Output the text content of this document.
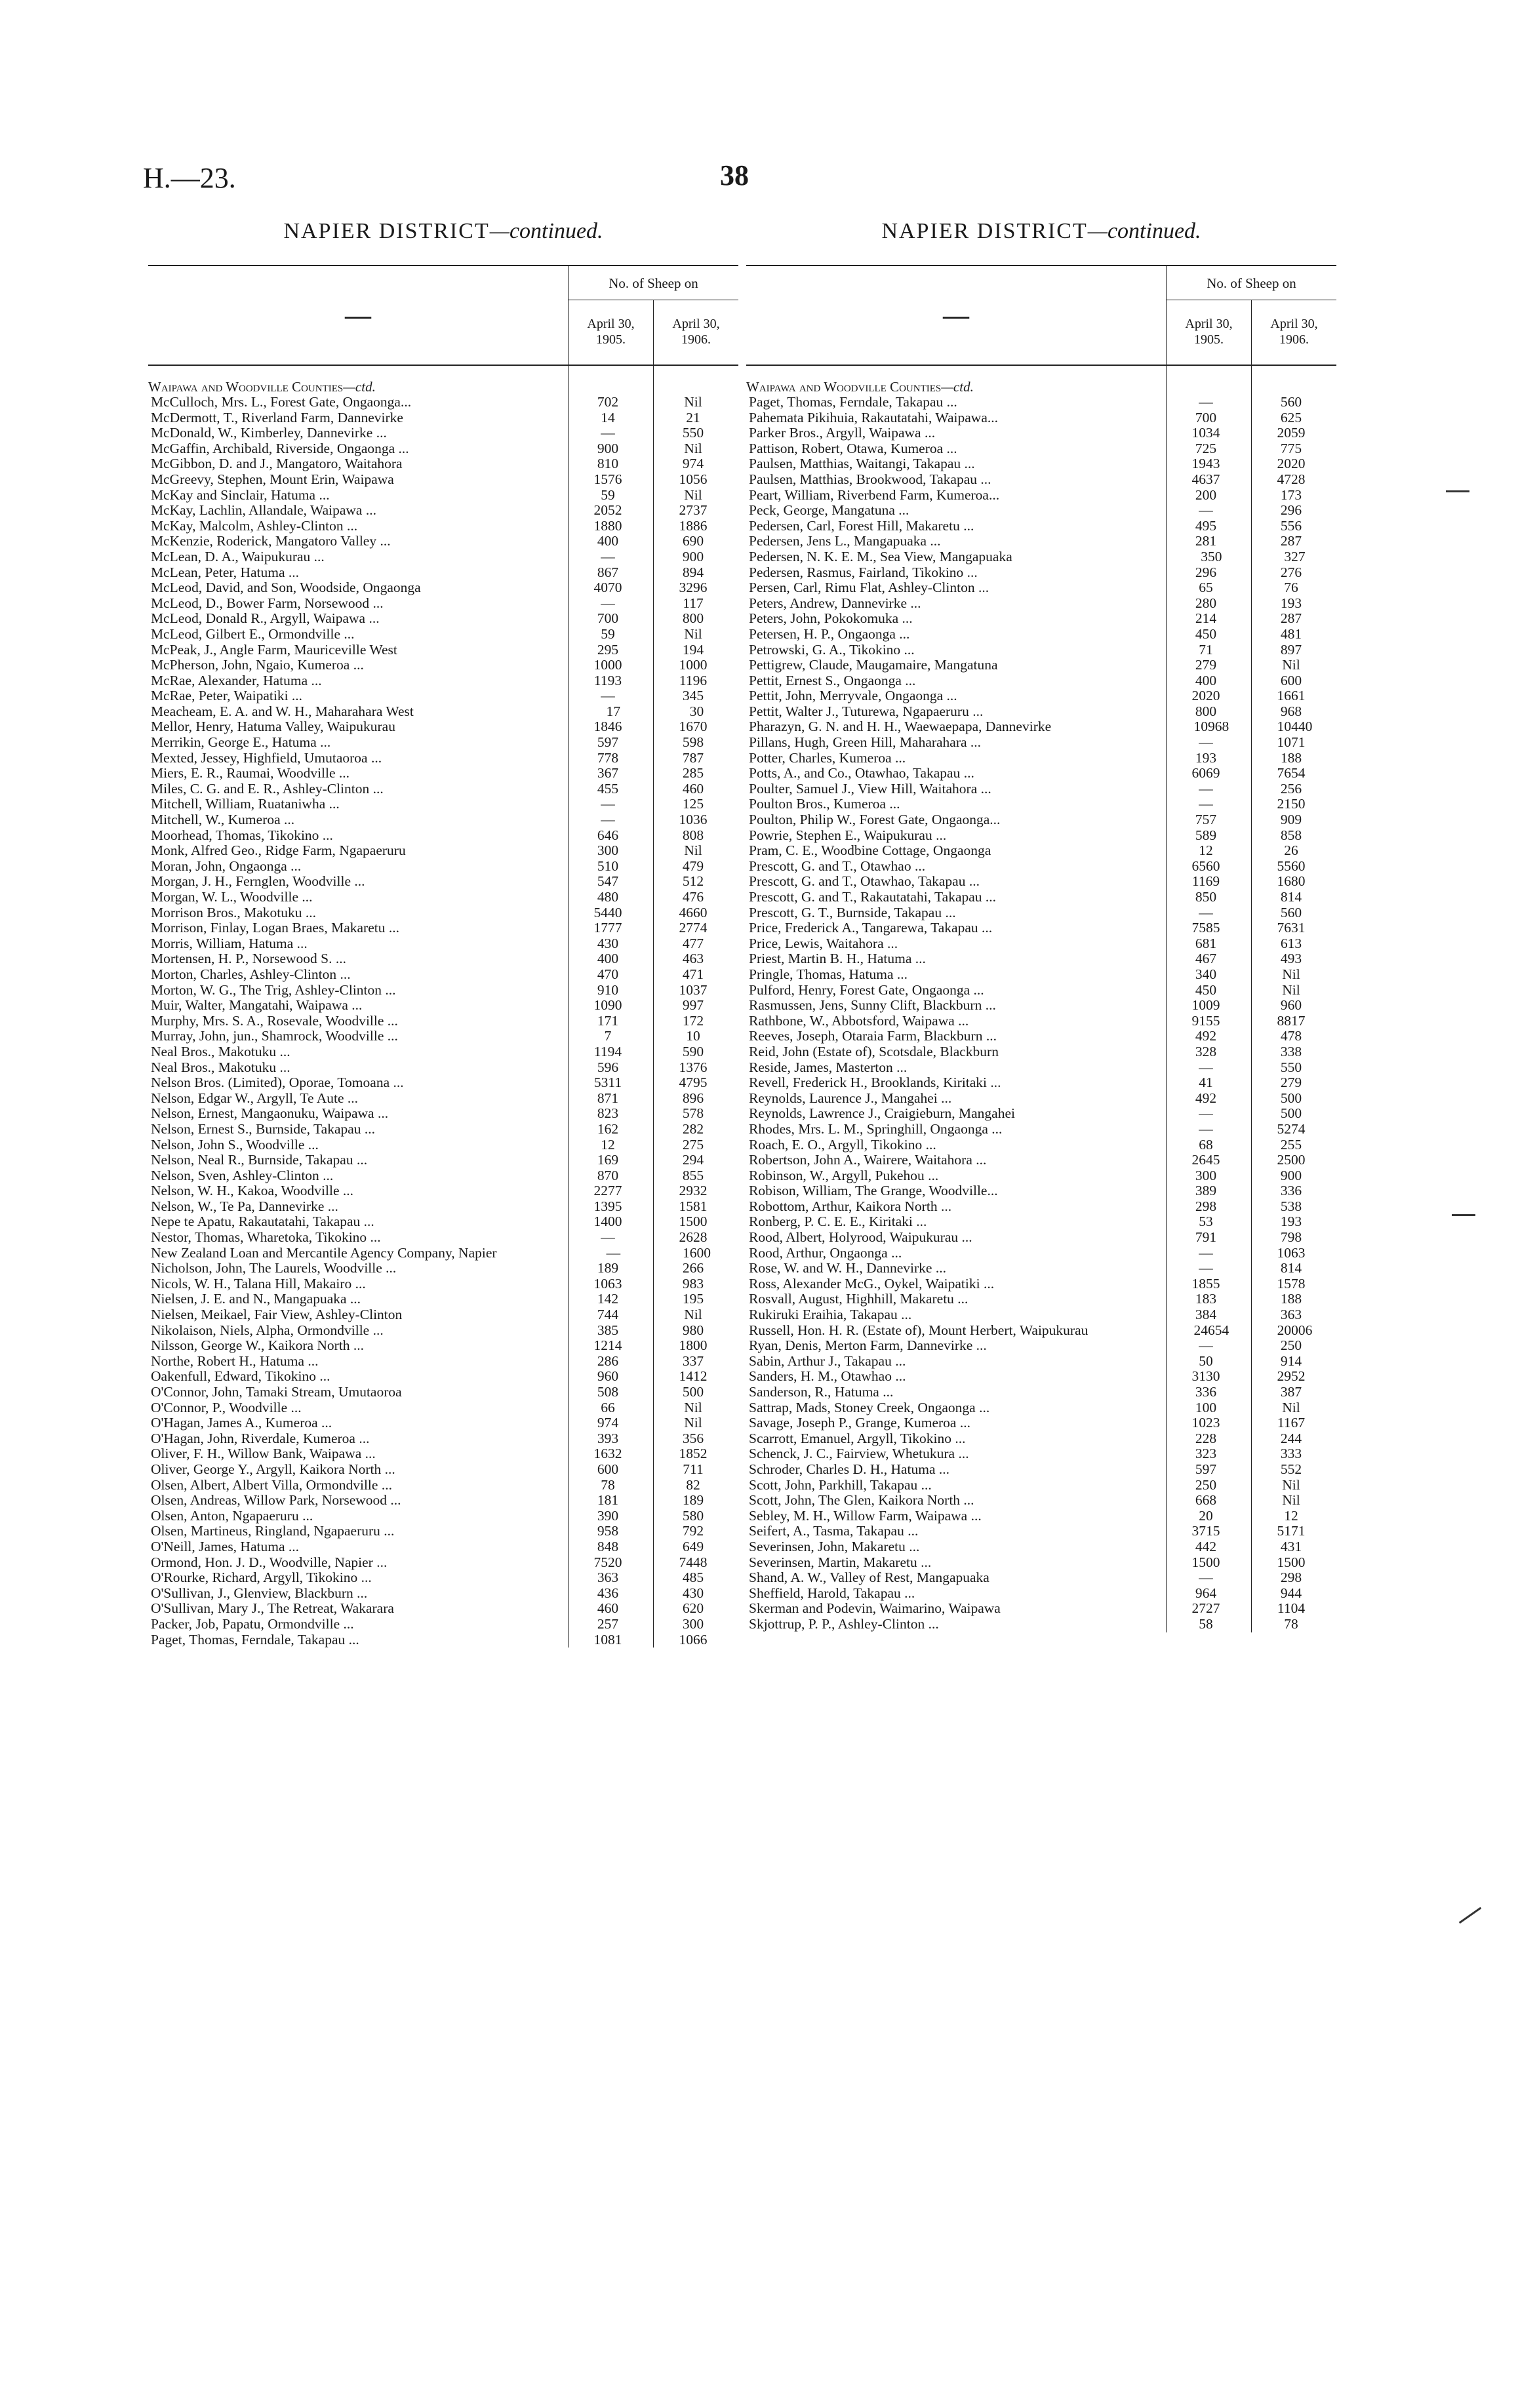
H.—23.	38
NAPIER DISTRICT—continued.
—
No. of Sheep on
April 30,
1905.
April 30,
1906.
Waipawa and Woodville Counties—ctd.
McCulloch, Mrs. L., Forest Gate, Ongaonga...	702	Nil
McDermott, T., Riverland Farm, Dannevirke	14	21
McDonald, W., Kimberley, Dannevirke ...	—	550
McGaffin, Archibald, Riverside, Ongaonga ...	900	Nil
McGibbon, D. and J., Mangatoro, Waitahora	810	974
McGreevy, Stephen, Mount Erin, Waipawa	1576	1056
McKay and Sinclair, Hatuma ...	59	Nil
McKay, Lachlin, Allandale, Waipawa ...	2052	2737
McKay, Malcolm, Ashley-Clinton ...	1880	1886
McKenzie, Roderick, Mangatoro Valley ...	400	690
McLean, D. A., Waipukurau ...	—	900
McLean, Peter, Hatuma ...	867	894
McLeod, David, and Son, Woodside, Ongaonga	4070	3296
McLeod, D., Bower Farm, Norsewood ...	—	117
McLeod, Donald R., Argyll, Waipawa ...	700	800
McLeod, Gilbert E., Ormondville ...	59	Nil
McPeak, J., Angle Farm, Mauriceville West	295	194
McPherson, John, Ngaio, Kumeroa ...	1000	1000
McRae, Alexander, Hatuma ...	1193	1196
McRae, Peter, Waipatiki ...	—	345
Meacheam, E. A. and W. H., Maharahara West	17	30
Mellor, Henry, Hatuma Valley, Waipukurau	1846	1670
Merrikin, George E., Hatuma ...	597	598
Mexted, Jessey, Highfield, Umutaoroa ...	778	787
Miers, E. R., Raumai, Woodville ...	367	285
Miles, C. G. and E. R., Ashley-Clinton ...	455	460
Mitchell, William, Ruataniwha ...	—	125
Mitchell, W., Kumeroa ...	—	1036
Moorhead, Thomas, Tikokino ...	646	808
Monk, Alfred Geo., Ridge Farm, Ngapaeruru	300	Nil
Moran, John, Ongaonga ...	510	479
Morgan, J. H., Fernglen, Woodville ...	547	512
Morgan, W. L., Woodville ...	480	476
Morrison Bros., Makotuku ...	5440	4660
Morrison, Finlay, Logan Braes, Makaretu ...	1777	2774
Morris, William, Hatuma ...	430	477
Mortensen, H. P., Norsewood S. ...	400	463
Morton, Charles, Ashley-Clinton ...	470	471
Morton, W. G., The Trig, Ashley-Clinton ...	910	1037
Muir, Walter, Mangatahi, Waipawa ...	1090	997
Murphy, Mrs. S. A., Rosevale, Woodville ...	171	172
Murray, John, jun., Shamrock, Woodville ...	7	10
Neal Bros., Makotuku ...	1194	590
Neal Bros., Makotuku ...	596	1376
Nelson Bros. (Limited), Oporae, Tomoana ...	5311	4795
Nelson, Edgar W., Argyll, Te Aute ...	871	896
Nelson, Ernest, Mangaonuku, Waipawa ...	823	578
Nelson, Ernest S., Burnside, Takapau ...	162	282
Nelson, John S., Woodville ...	12	275
Nelson, Neal R., Burnside, Takapau ...	169	294
Nelson, Sven, Ashley-Clinton ...	870	855
Nelson, W. H., Kakoa, Woodville ...	2277	2932
Nelson, W., Te Pa, Dannevirke ...	1395	1581
Nepe te Apatu, Rakautatahi, Takapau ...	1400	1500
Nestor, Thomas, Wharetoka, Tikokino ...	—	2628
New Zealand Loan and Mercantile Agency Company, Napier	—	1600
Nicholson, John, The Laurels, Woodville ...	189	266
Nicols, W. H., Talana Hill, Makairo ...	1063	983
Nielsen, J. E. and N., Mangapuaka ...	142	195
Nielsen, Meikael, Fair View, Ashley-Clinton	744	Nil
Nikolaison, Niels, Alpha, Ormondville ...	385	980
Nilsson, George W., Kaikora North ...	1214	1800
Northe, Robert H., Hatuma ...	286	337
Oakenfull, Edward, Tikokino ...	960	1412
O'Connor, John, Tamaki Stream, Umutaoroa	508	500
O'Connor, P., Woodville ...	66	Nil
O'Hagan, James A., Kumeroa ...	974	Nil
O'Hagan, John, Riverdale, Kumeroa ...	393	356
Oliver, F. H., Willow Bank, Waipawa ...	1632	1852
Oliver, George Y., Argyll, Kaikora North ...	600	711
Olsen, Albert, Albert Villa, Ormondville ...	78	82
Olsen, Andreas, Willow Park, Norsewood ...	181	189
Olsen, Anton, Ngapaeruru ...	390	580
Olsen, Martineus, Ringland, Ngapaeruru ...	958	792
O'Neill, James, Hatuma ...	848	649
Ormond, Hon. J. D., Woodville, Napier ...	7520	7448
O'Rourke, Richard, Argyll, Tikokino ...	363	485
O'Sullivan, J., Glenview, Blackburn ...	436	430
O'Sullivan, Mary J., The Retreat, Wakarara	460	620
Packer, Job, Papatu, Ormondville ...	257	300
Paget, Thomas, Ferndale, Takapau ...	1081	1066
NAPIER DISTRICT—continued.
—
No. of Sheep on
April 30,
1905.
April 30,
1906.
Waipawa and Woodville Counties—ctd.
Paget, Thomas, Ferndale, Takapau ...	—	560
Pahemata Pikihuia, Rakautatahi, Waipawa...	700	625
Parker Bros., Argyll, Waipawa ...	1034	2059
Pattison, Robert, Otawa, Kumeroa ...	725	775
Paulsen, Matthias, Waitangi, Takapau ...	1943	2020
Paulsen, Matthias, Brookwood, Takapau ...	4637	4728
Peart, William, Riverbend Farm, Kumeroa...	200	173
Peck, George, Mangatuna ...	—	296
Pedersen, Carl, Forest Hill, Makaretu ...	495	556
Pedersen, Jens L., Mangapuaka ...	281	287
Pedersen, N. K. E. M., Sea View, Mangapuaka	350	327
Pedersen, Rasmus, Fairland, Tikokino ...	296	276
Persen, Carl, Rimu Flat, Ashley-Clinton ...	65	76
Peters, Andrew, Dannevirke ...	280	193
Peters, John, Pokokomuka ...	214	287
Petersen, H. P., Ongaonga ...	450	481
Petrowski, G. A., Tikokino ...	71	897
Pettigrew, Claude, Maugamaire, Mangatuna	279	Nil
Pettit, Ernest S., Ongaonga ...	400	600
Pettit, John, Merryvale, Ongaonga ...	2020	1661
Pettit, Walter J., Tuturewa, Ngapaeruru ...	800	968
Pharazyn, G. N. and H. H., Waewaepapa, Dannevirke	10968	10440
Pillans, Hugh, Green Hill, Maharahara ...	—	1071
Potter, Charles, Kumeroa ...	193	188
Potts, A., and Co., Otawhao, Takapau ...	6069	7654
Poulter, Samuel J., View Hill, Waitahora ...	—	256
Poulton Bros., Kumeroa ...	—	2150
Poulton, Philip W., Forest Gate, Ongaonga...	757	909
Powrie, Stephen E., Waipukurau ...	589	858
Pram, C. E., Woodbine Cottage, Ongaonga	12	26
Prescott, G. and T., Otawhao ...	6560	5560
Prescott, G. and T., Otawhao, Takapau ...	1169	1680
Prescott, G. and T., Rakautatahi, Takapau ...	850	814
Prescott, G. T., Burnside, Takapau ...	—	560
Price, Frederick A., Tangarewa, Takapau ...	7585	7631
Price, Lewis, Waitahora ...	681	613
Priest, Martin B. H., Hatuma ...	467	493
Pringle, Thomas, Hatuma ...	340	Nil
Pulford, Henry, Forest Gate, Ongaonga ...	450	Nil
Rasmussen, Jens, Sunny Clift, Blackburn ...	1009	960
Rathbone, W., Abbotsford, Waipawa ...	9155	8817
Reeves, Joseph, Otaraia Farm, Blackburn ...	492	478
Reid, John (Estate of), Scotsdale, Blackburn	328	338
Reside, James, Masterton ...	—	550
Revell, Frederick H., Brooklands, Kiritaki ...	41	279
Reynolds, Laurence J., Mangahei ...	492	500
Reynolds, Lawrence J., Craigieburn, Mangahei	—	500
Rhodes, Mrs. L. M., Springhill, Ongaonga ...	—	5274
Roach, E. O., Argyll, Tikokino ...	68	255
Robertson, John A., Wairere, Waitahora ...	2645	2500
Robinson, W., Argyll, Pukehou ...	300	900
Robison, William, The Grange, Woodville...	389	336
Robottom, Arthur, Kaikora North ...	298	538
Ronberg, P. C. E. E., Kiritaki ...	53	193
Rood, Albert, Holyrood, Waipukurau ...	791	798
Rood, Arthur, Ongaonga ...	—	1063
Rose, W. and W. H., Dannevirke ...	—	814
Ross, Alexander McG., Oykel, Waipatiki ...	1855	1578
Rosvall, August, Highhill, Makaretu ...	183	188
Rukiruki Eraihia, Takapau ...	384	363
Russell, Hon. H. R. (Estate of), Mount Herbert, Waipukurau	24654	20006
Ryan, Denis, Merton Farm, Dannevirke ...	—	250
Sabin, Arthur J., Takapau ...	50	914
Sanders, H. M., Otawhao ...	3130	2952
Sanderson, R., Hatuma ...	336	387
Sattrap, Mads, Stoney Creek, Ongaonga ...	100	Nil
Savage, Joseph P., Grange, Kumeroa ...	1023	1167
Scarrott, Emanuel, Argyll, Tikokino ...	228	244
Schenck, J. C., Fairview, Whetukura ...	323	333
Schroder, Charles D. H., Hatuma ...	597	552
Scott, John, Parkhill, Takapau ...	250	Nil
Scott, John, The Glen, Kaikora North ...	668	Nil
Sebley, M. H., Willow Farm, Waipawa ...	20	12
Seifert, A., Tasma, Takapau ...	3715	5171
Severinsen, John, Makaretu ...	442	431
Severinsen, Martin, Makaretu ...	1500	1500
Shand, A. W., Valley of Rest, Mangapuaka	—	298
Sheffield, Harold, Takapau ...	964	944
Skerman and Podevin, Waimarino, Waipawa	2727	1104
Skjottrup, P. P., Ashley-Clinton ...	58	78
